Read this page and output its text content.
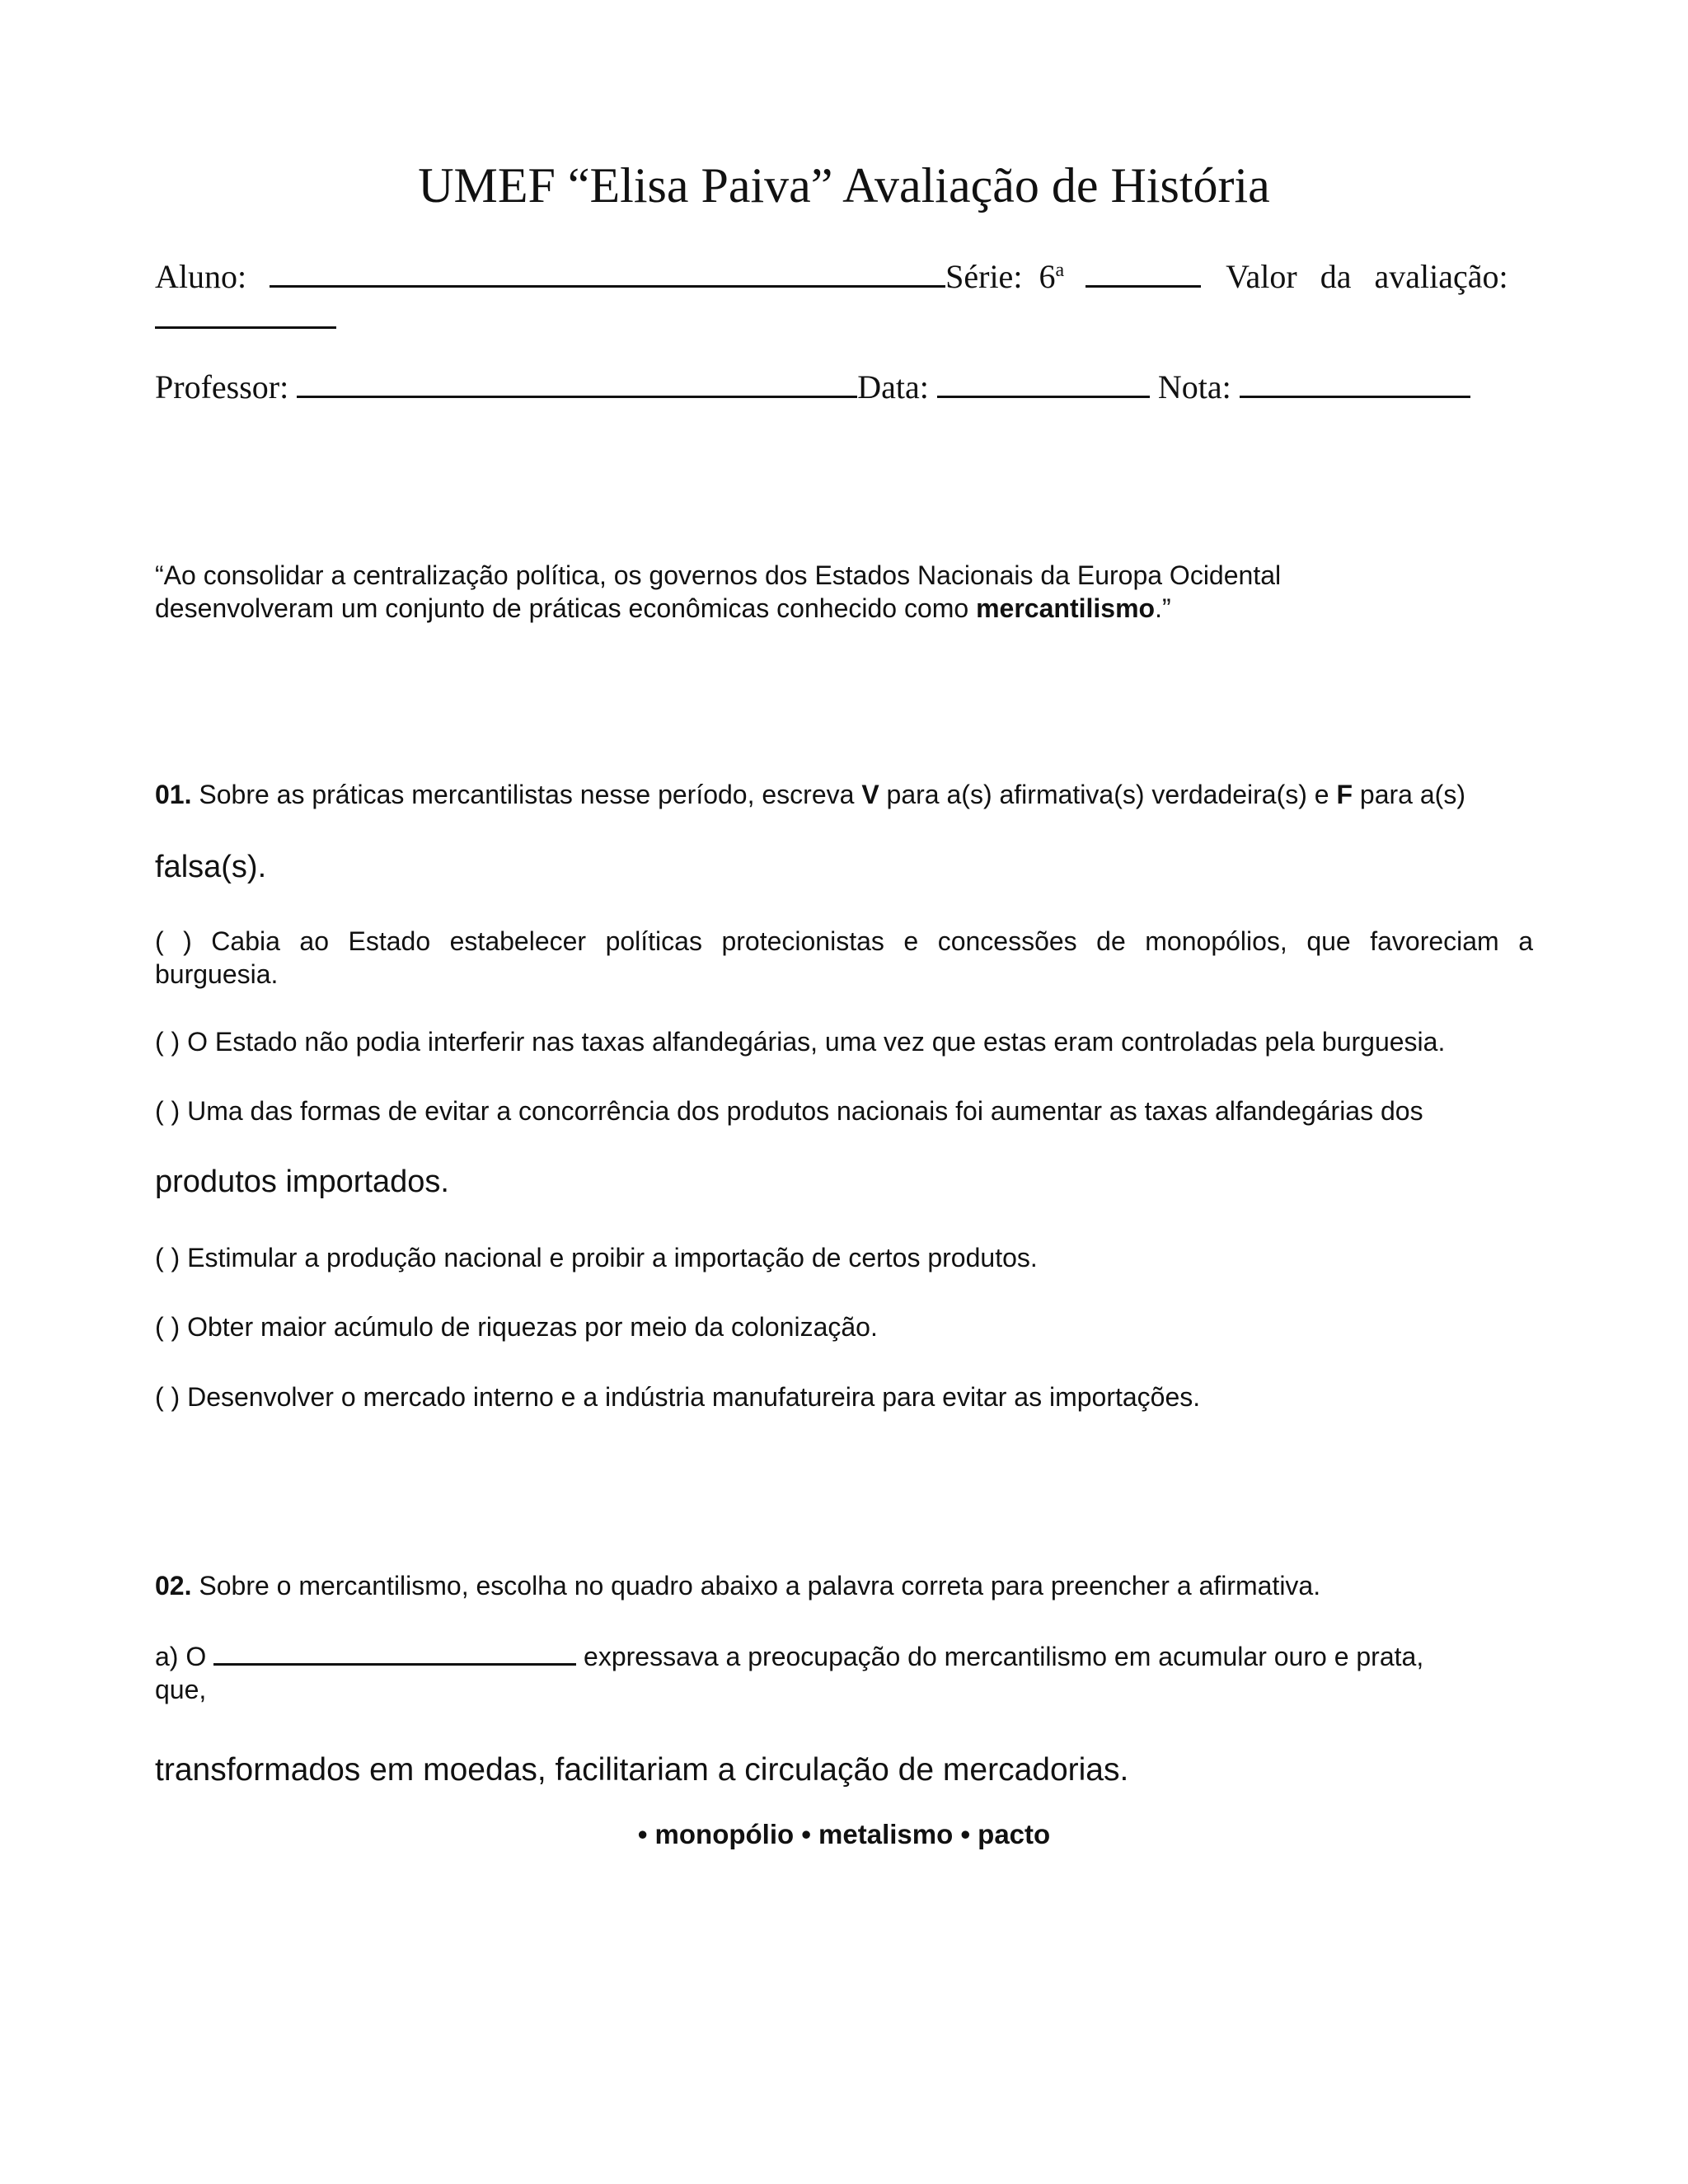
UMEF “Elisa Paiva” Avaliação de História
Aluno:	Série: 6$^a$	Valor da avaliação:
Professor:	Data:	Nota:
“Ao consolidar a centralização política, os governos dos Estados Nacionais da Europa Ocidental
desenvolveram um conjunto de práticas econômicas conhecido como mercantilismo.”
01. Sobre as práticas mercantilistas nesse período, escreva V para a(s) afirmativa(s) verdadeira(s) e F para a(s)
falsa(s).
( ) Cabia ao Estado estabelecer políticas protecionistas e concessões de monopólios, que favoreciam a
burguesia.
( ) O Estado não podia interferir nas taxas alfandegárias, uma vez que estas eram controladas pela burguesia.
( ) Uma das formas de evitar a concorrência dos produtos nacionais foi aumentar as taxas alfandegárias dos
produtos importados.
( ) Estimular a produção nacional e proibir a importação de certos produtos.
( ) Obter maior acúmulo de riquezas por meio da colonização.
( ) Desenvolver o mercado interno e a indústria manufatureira para evitar as importações.
02. Sobre o mercantilismo, escolha no quadro abaixo a palavra correta para preencher a afirmativa.
a) O	expressava a preocupação do mercantilismo em acumular ouro e prata,
que,
transformados em moedas, facilitariam a circulação de mercadorias.
• monopólio • metalismo • pacto
